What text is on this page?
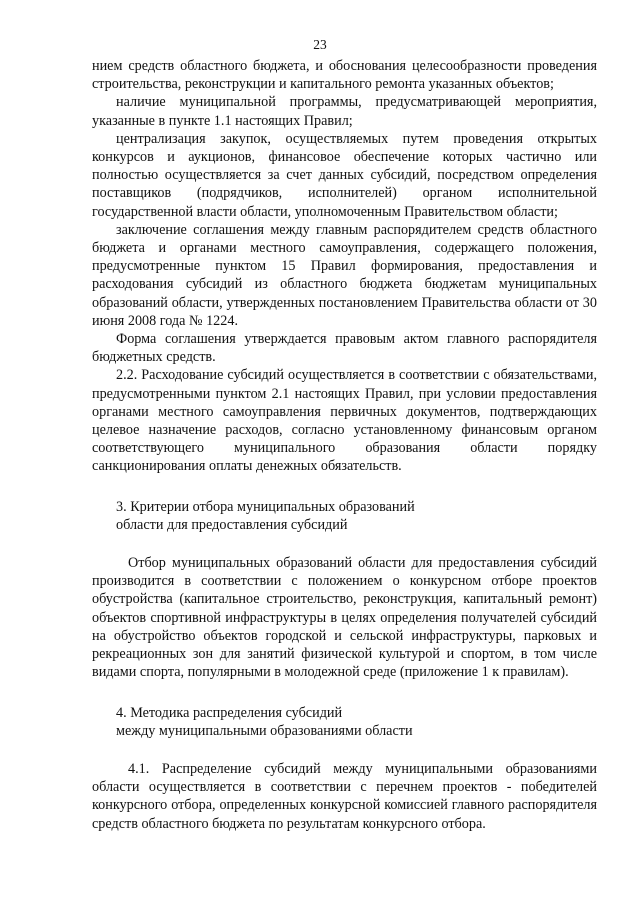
23

нием средств областного бюджета, и обоснования целесообразности проведения строительства, реконструкции и капитального ремонта указанных объектов;

наличие муниципальной программы, предусматривающей мероприятия, указанные в пункте 1.1 настоящих Правил;

централизация закупок, осуществляемых путем проведения открытых конкурсов и аукционов, финансовое обеспечение которых частично или полностью осуществляется за счет данных субсидий, посредством определения поставщиков (подрядчиков, исполнителей) органом исполнительной государственной власти области, уполномоченным Правительством области;

заключение соглашения между главным распорядителем средств областного бюджета и органами местного самоуправления, содержащего положения, предусмотренные пунктом 15 Правил формирования, предоставления и расходования субсидий из областного бюджета бюджетам муниципальных образований области, утвержденных постановлением Правительства области от 30 июня 2008 года № 1224.

Форма соглашения утверждается правовым актом главного распорядителя бюджетных средств.

2.2. Расходование субсидий осуществляется в соответствии с обязательствами, предусмотренными пунктом 2.1 настоящих Правил, при условии предоставления органами местного самоуправления первичных документов, подтверждающих целевое назначение расходов, согласно установленному финансовым органом соответствующего муниципального образования области порядку санкционирования оплаты денежных обязательств.

3. Критерии отбора муниципальных образований

области для предоставления субсидий

Отбор муниципальных образований области для предоставления субсидий производится в соответствии с положением о конкурсном отборе проектов обустройства (капитальное строительство, реконструкция, капитальный ремонт) объектов спортивной инфраструктуры в целях определения получателей субсидий на обустройство объектов городской и сельской инфраструктуры, парковых и рекреационных зон для занятий физической культурой и спортом, в том числе видами спорта, популярными в молодежной среде (приложение 1 к правилам).

4. Методика распределения субсидий

между муниципальными образованиями области

4.1. Распределение субсидий между муниципальными образованиями области осуществляется в соответствии с перечнем проектов - победителей конкурсного отбора, определенных конкурсной комиссией главного распорядителя средств областного бюджета по результатам конкурсного отбора.
